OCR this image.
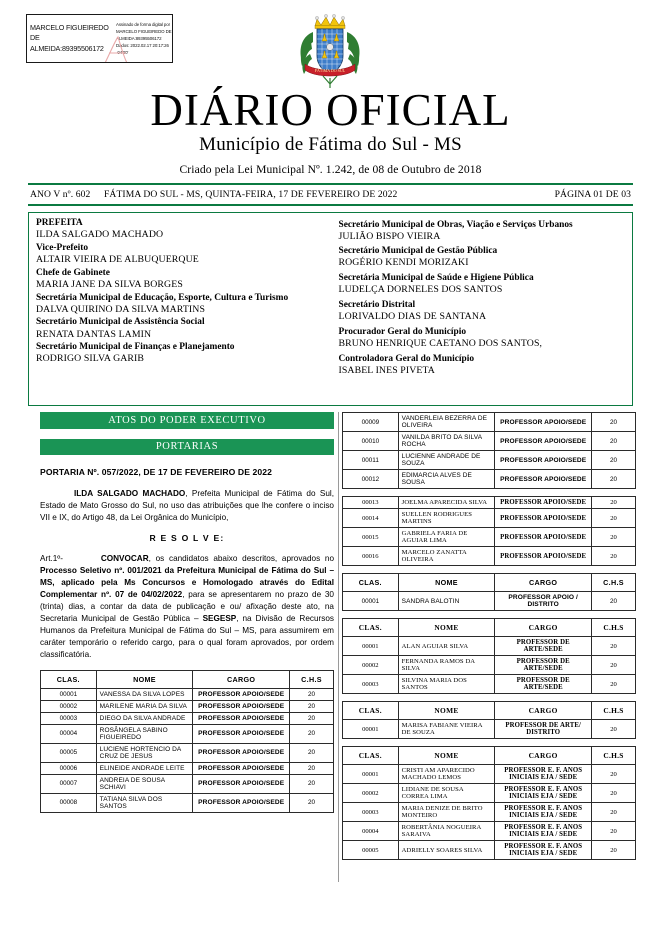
MARCELO FIGUEIREDO DE
ALMEIDA:89395506172
Assinado de forma digital por
MARCELO FIGUEIREDO DE
ALMEIDA:89395506172
Dados: 2022.02.17 20:17:26 -04'00'
FÁTIMA DO SUL
DIÁRIO OFICIAL
Município de Fátima do Sul - MS
Criado pela Lei Municipal Nº. 1.242, de 08 de Outubro de 2018
ANO V nº. 602 FÁTIMA DO SUL - MS, QUINTA-FEIRA, 17 DE FEVEREIRO DE 2022	PÁGINA 01 DE 03
PREFEITA
ILDA SALGADO MACHADO
Vice-Prefeito
ALTAIR VIEIRA DE ALBUQUERQUE
Chefe de Gabinete
MARIA JANE DA SILVA BORGES
Secretária Municipal de Educação, Esporte, Cultura e Turismo
DALVA QUIRINO DA SILVA MARTINS
Secretário Municipal de Assistência Social
RENATA DANTAS LAMIN
Secretário Municipal de Finanças e Planejamento
RODRIGO SILVA GARIB
Secretário Municipal de Obras, Viação e Serviços Urbanos
JULIÃO BISPO VIEIRA
Secretário Municipal de Gestão Pública
ROGÉRIO KENDI MORIZAKI
Secretária Municipal de Saúde e Higiene Pública
LUDELÇA DORNELES DOS SANTOS
Secretário Distrital
LORIVALDO DIAS DE SANTANA
Procurador Geral do Município
BRUNO HENRIQUE CAETANO DOS SANTOS,
Controladora Geral do Município
ISABEL INES PIVETA
ATOS DO PODER EXECUTIVO
PORTARIAS
PORTARIA Nº. 057/2022, DE 17 DE FEVEREIRO DE 2022

ILDA SALGADO MACHADO, Prefeita Municipal de Fátima do Sul, Estado de Mato Grosso do Sul, no uso das atribuições que lhe confere o inciso VII e IX, do Artigo 48, da Lei Orgânica do Município,

R E S O L V E:

Art.1º-	CONVOCAR, os candidatos abaixo descritos, aprovados no Processo Seletivo nº. 001/2021 da Prefeitura Municipal de Fátima do Sul – MS, aplicado pela Ms Concursos e Homologado através do Edital Complementar nº. 07 de 04/02/2022, para se apresentarem no prazo de 30 (trinta) dias, a contar da data de publicação e ou/ afixação deste ato, na Secretaria Municipal de Gestão Pública – SEGESP, na Divisão de Recursos Humanos da Prefeitura Municipal de Fátima do Sul – MS, para assumirem em caráter temporário o referido cargo, para o qual foram aprovados, por ordem classificatória.

CLAS.	NOME	CARGO	C.H.S
00001	VANESSA DA SILVA LOPES	PROFESSOR APOIO/SEDE	20
00002	MARILENE MARIA DA SILVA	PROFESSOR APOIO/SEDE	20
00003	DIEGO DA SILVA ANDRADE	PROFESSOR APOIO/SEDE	20
00004	ROSÂNGELA SABINO FIGUEIREDO	PROFESSOR APOIO/SEDE	20
00005	LUCIENE HORTENCIO DA CRUZ DE JESUS	PROFESSOR APOIO/SEDE	20
00006	ELINEIDE ANDRADE LEITE	PROFESSOR APOIO/SEDE	20
00007	ANDREIA DE SOUSA SCHIAVI	PROFESSOR APOIO/SEDE	20
00008	TATIANA SILVA DOS SANTOS	PROFESSOR APOIO/SEDE	20
00009	VANDERLEIA BEZERRA DE OLIVEIRA	PROFESSOR APOIO/SEDE	20
00010	VANILDA BRITO DA SILVA ROCHA	PROFESSOR APOIO/SEDE	20
00011	LUCIENNE ANDRADE DE SOUZA	PROFESSOR APOIO/SEDE	20
00012	EDIMARCIA ALVES DE SOUSA	PROFESSOR APOIO/SEDE	20
00013	JOELMA APARECIDA SILVA	PROFESSOR APOIO/SEDE	20
00014	SUELLEN RODRIGUES MARTINS	PROFESSOR APOIO/SEDE	20
00015	GABRIELA FARIA DE AGUIAR LIMA	PROFESSOR APOIO/SEDE	20
00016	MARCELO ZANATTA OLIVEIRA	PROFESSOR APOIO/SEDE	20
CLAS.	NOME	CARGO	C.H.S
00001	SANDRA BALOTIN	PROFESSOR APOIO / DISTRITO	20
CLAS.	NOME	CARGO	C.H.S
00001	ALAN AGUIAR SILVA	PROFESSOR DE ARTE/SEDE	20
00002	FERNANDA RAMOS DA SILVA	PROFESSOR DE ARTE/SEDE	20
00003	SILVINA MARIA DOS SANTOS	PROFESSOR DE ARTE/SEDE	20
CLAS.	NOME	CARGO	C.H.S
00001	MARISA FABIANE VIEIRA DE SOUZA	PROFESSOR DE ARTE/ DISTRITO	20
CLAS.	NOME	CARGO	C.H.S
00001	CRISTI AM APARECIDO MACHADO LEMOS	PROFESSOR E. F. ANOS INICIAIS EJA / SEDE	20
00002	LIDIANE DE SOUSA CORREA LIMA	PROFESSOR E. F. ANOS INICIAIS EJA / SEDE	20
00003	MARIA DENIZE DE BRITO MONTEIRO	PROFESSOR E. F. ANOS INICIAIS EJA / SEDE	20
00004	ROBERTÂNIA NOGUEIRA SARAIVA	PROFESSOR E. F. ANOS INICIAIS EJA / SEDE	20
00005	ADRIELLY SOARES SILVA	PROFESSOR E. F. ANOS INICIAIS EJA / SEDE	20
